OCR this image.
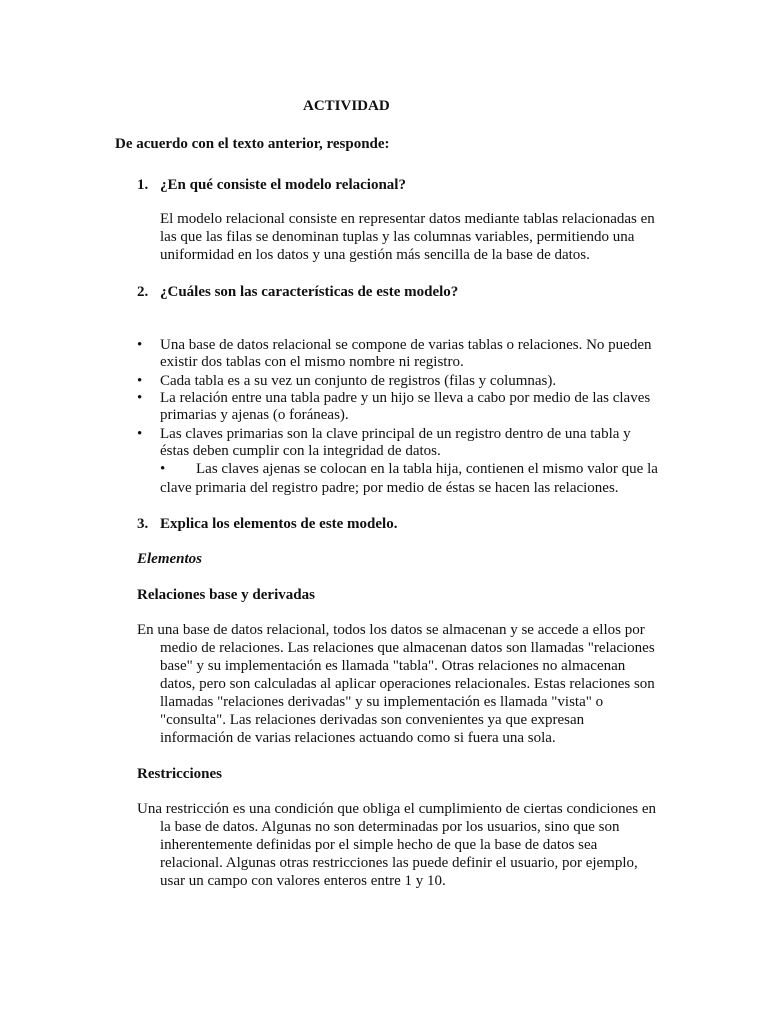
ACTIVIDAD
De acuerdo con el texto anterior, responde:
1. ¿En qué consiste el modelo relacional?
El modelo relacional consiste en representar datos mediante tablas relacionadas en
las que las filas se denominan tuplas y las columnas variables, permitiendo una
uniformidad en los datos y una gestión más sencilla de la base de datos.
2. ¿Cuáles son las características de este modelo?
• Una base de datos relacional se compone de varias tablas o relaciones. No pueden
existir dos tablas con el mismo nombre ni registro.
• Cada tabla es a su vez un conjunto de registros (filas y columnas).
• La relación entre una tabla padre y un hijo se lleva a cabo por medio de las claves
primarias y ajenas (o foráneas).
• Las claves primarias son la clave principal de un registro dentro de una tabla y
éstas deben cumplir con la integridad de datos.
• Las claves ajenas se colocan en la tabla hija, contienen el mismo valor que la
clave primaria del registro padre; por medio de éstas se hacen las relaciones.
3. Explica los elementos de este modelo.
Elementos
Relaciones base y derivadas
En una base de datos relacional, todos los datos se almacenan y se accede a ellos por
medio de relaciones. Las relaciones que almacenan datos son llamadas "relaciones
base" y su implementación es llamada "tabla". Otras relaciones no almacenan
datos, pero son calculadas al aplicar operaciones relacionales. Estas relaciones son
llamadas "relaciones derivadas" y su implementación es llamada "vista" o
"consulta". Las relaciones derivadas son convenientes ya que expresan
información de varias relaciones actuando como si fuera una sola.
Restricciones
Una restricción es una condición que obliga el cumplimiento de ciertas condiciones en
la base de datos. Algunas no son determinadas por los usuarios, sino que son
inherentemente definidas por el simple hecho de que la base de datos sea
relacional. Algunas otras restricciones las puede definir el usuario, por ejemplo,
usar un campo con valores enteros entre 1 y 10.
